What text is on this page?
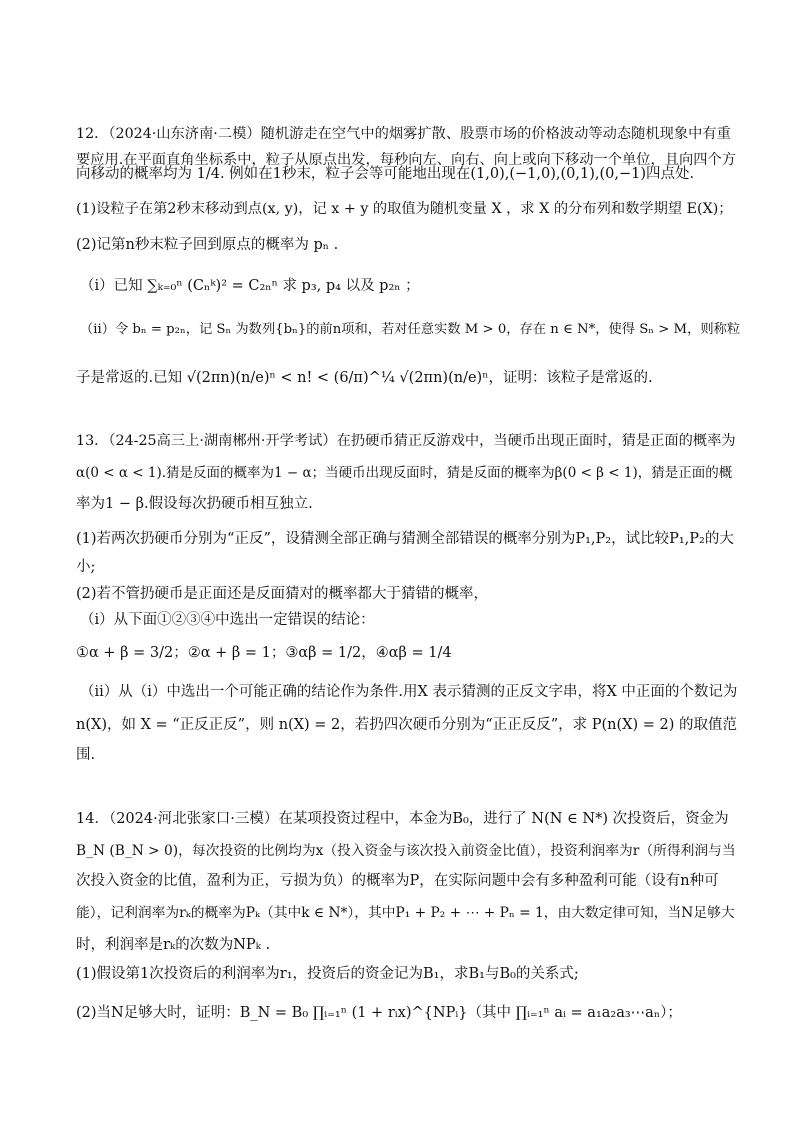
12．（2024·山东济南·二模）随机游走在空气中的烟雾扩散、股票市场的价格波动等动态随机现象中有重
要应用.在平面直角坐标系中，粒子从原点出发，每秒向左、向右、向上或向下移动一个单位，且向四个方
向移动的概率均为 1/4. 例如在1秒末，粒子会等可能地出现在(1,0),(−1,0),(0,1),(0,−1)四点处.
(1)设粒子在第2秒末移动到点(x, y)，记 x + y 的取值为随机变量 X ，求 X 的分布列和数学期望 E(X)；
(2)记第n秒末粒子回到原点的概率为 pₙ .
（i）已知 ∑ₖ₌₀ⁿ (Cₙᵏ)² = C₂ₙⁿ 求 p₃, p₄ 以及 p₂ₙ ；
（ii）令 bₙ = p₂ₙ，记 Sₙ 为数列{bₙ}的前n项和，若对任意实数 M > 0，存在 n ∈ N*，使得 Sₙ > M，则称粒
子是常返的.已知 √(2πn)(n/e)ⁿ < n! < (6/π)^¼ √(2πn)(n/e)ⁿ，证明：该粒子是常返的.
13．（24-25高三上·湖南郴州·开学考试）在扔硬币猜正反游戏中，当硬币出现正面时，猜是正面的概率为
α(0 < α < 1).猜是反面的概率为1 − α；当硬币出现反面时，猜是反面的概率为β(0 < β < 1)，猜是正面的概
率为1 − β.假设每次扔硬币相互独立.
(1)若两次扔硬币分别为“正反”，设猜测全部正确与猜测全部错误的概率分别为P₁,P₂，试比较P₁,P₂的大
小;
(2)若不管扔硬币是正面还是反面猜对的概率都大于猜错的概率，
（i）从下面①②③④中选出一定错误的结论：
①α + β = 3/2；②α + β = 1；③αβ = 1/2，④αβ = 1/4
（ii）从（i）中选出一个可能正确的结论作为条件.用X 表示猜测的正反文字串，将X 中正面的个数记为
n(X)，如 X = “正反正反”，则 n(X) = 2，若扔四次硬币分别为“正正反反”，求 P(n(X) = 2) 的取值范
围.
14．（2024·河北张家口·三模）在某项投资过程中，本金为B₀，进行了 N(N ∈ N*) 次投资后，资金为
B_N (B_N > 0)，每次投资的比例均为x（投入资金与该次投入前资金比值），投资利润率为r（所得利润与当
次投入资金的比值，盈利为正，亏损为负）的概率为P，在实际问题中会有多种盈利可能（设有n种可
能），记利润率为rₖ的概率为Pₖ（其中k ∈ N*），其中P₁ + P₂ + ⋯ + Pₙ = 1，由大数定律可知，当N足够大
时，利润率是rₖ的次数为NPₖ .
(1)假设第1次投资后的利润率为r₁，投资后的资金记为B₁，求B₁与B₀的关系式;
(2)当N足够大时，证明：B_N = B₀ ∏ᵢ₌₁ⁿ (1 + rᵢx)^{NPᵢ}（其中 ∏ᵢ₌₁ⁿ aᵢ = a₁a₂a₃⋯aₙ）；
